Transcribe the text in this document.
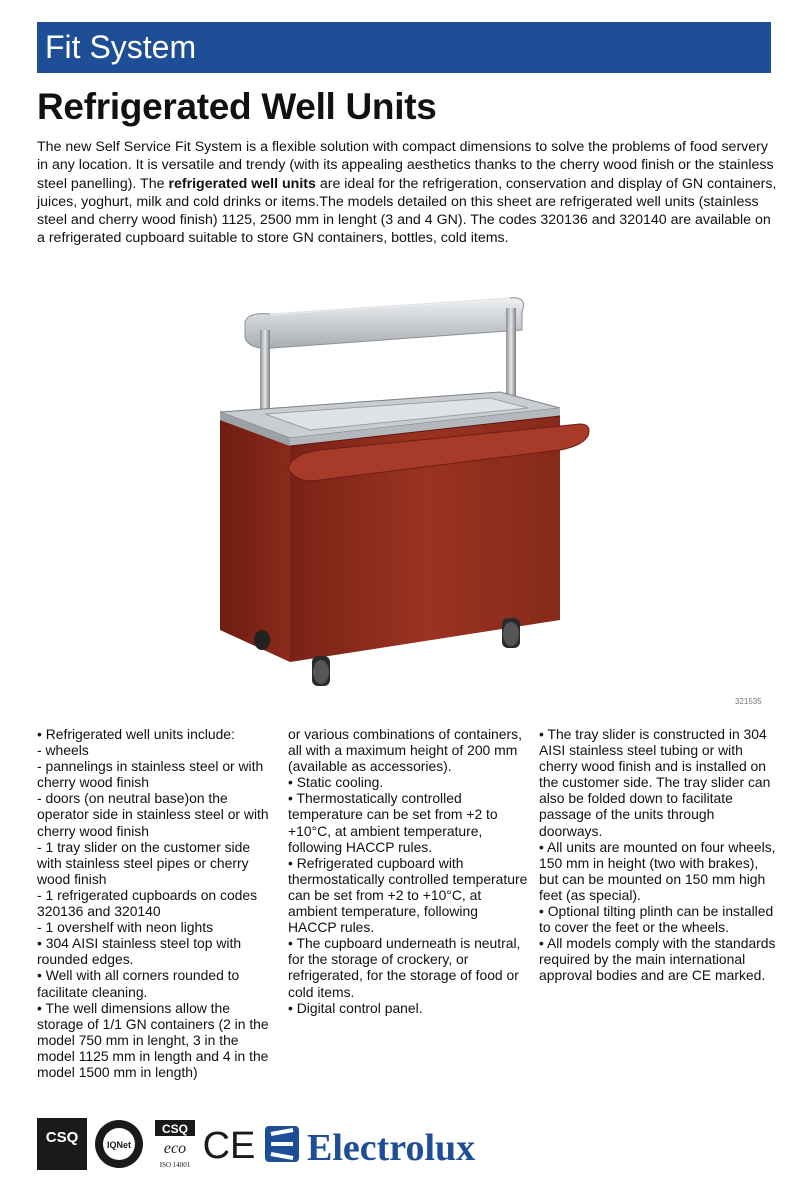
Fit System
Refrigerated Well Units
The new Self Service Fit System is a flexible solution with compact dimensions to solve the problems of food servery in any location. It is versatile and trendy (with its appealing aesthetics thanks to the cherry wood finish or the stainless steel panelling). The refrigerated well units are ideal for the refrigeration, conservation and display of GN containers, juices, yoghurt, milk and cold drinks or items.The models detailed on this sheet are refrigerated well units (stainless steel and cherry wood finish) 1125, 2500 mm in lenght (3 and 4 GN). The codes 320136 and 320140 are available on a refrigerated cupboard suitable to store GN containers, bottles, cold items.
321535

• Refrigerated well units include:

- wheels

- pannelings in stainless steel or with cherry wood finish

- doors (on neutral base)on the operator side in stainless steel or with cherry wood finish

- 1 tray slider on the customer side with stainless steel pipes or cherry wood finish

- 1 refrigerated cupboards on codes 320136 and 320140

- 1 overshelf with neon lights

• 304 AISI stainless steel top with rounded edges.

• Well with all corners rounded to facilitate cleaning.

• The well dimensions allow the storage of 1/1 GN containers (2 in the model 750 mm in lenght, 3 in the model 1125 mm in length and 4 in the model 1500 mm in length)

or various combinations of containers, all with a maximum height of 200 mm (available as accessories).

• Static cooling.

• Thermostatically controlled temperature can be set from +2 to +10°C, at ambient temperature, following HACCP rules.

• Refrigerated cupboard with thermostatically controlled temperature can be set from +2 to +10°C, at ambient temperature, following HACCP rules.

• The cupboard underneath is neutral, for the storage of crockery, or refrigerated, for the storage of food or cold items.

• Digital control panel.

• The tray slider is constructed in 304 AISI stainless steel tubing or with cherry wood finish and is installed on the customer side. The tray slider can also be folded down to facilitate passage of the units through doorways.

• All units are mounted on four wheels, 150 mm in height (two with brakes), but can be mounted on 150 mm high feet (as special).

• Optional tilting plinth can be installed to cover the feet or the wheels.

• All models comply with the standards required by the main international approval bodies and are CE marked.

CSQ	IQNet
CSQ
eco
ISO 14001 CE Electrolux
